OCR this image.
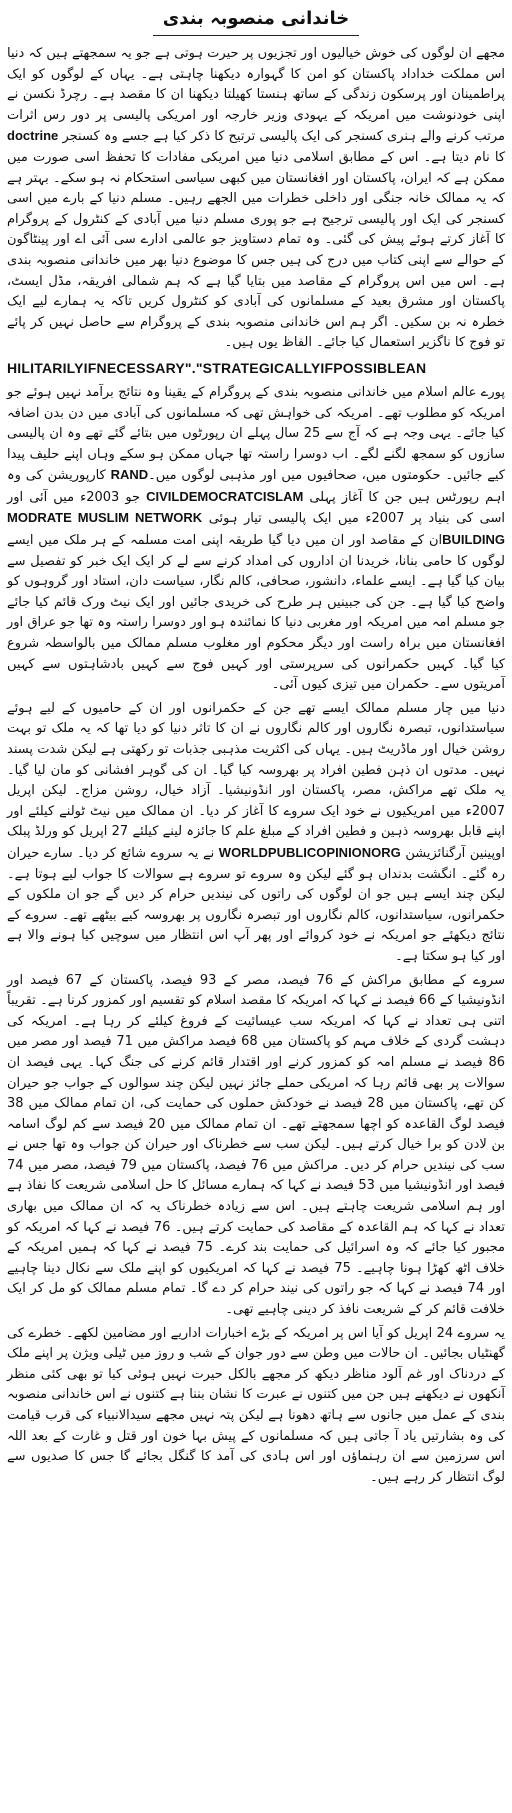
خاندانی منصوبہ بندی

مجھے ان لوگوں کی خوش خیالیوں اور تجزیوں پر حیرت ہوتی ہے جو یہ سمجھتے ہیں کہ دنیا اس مملکت خداداد پاکستان کو امن کا گہوارہ دیکھنا چاہتی ہے۔ یہاں کے لوگوں کو ایک پراطمینان اور پرسکون زندگی کے ساتھ ہنستا کھیلتا دیکھنا ان کا مقصد ہے۔ رچرڈ نکسن نے اپنی خودنوشت میں امریکہ کے یہودی وزیر خارجہ اور امریکی پالیسی پر دور رس اثرات مرتب کرنے والے ہنری کسنجر کی ایک پالیسی ترتیح کا ذکر کیا ہے جسے وہ کسنجر doctrine کا نام دیتا ہے۔ اس کے مطابق اسلامی دنیا میں امریکی مفادات کا تحفظ اسی صورت میں ممکن ہے کہ ایران، پاکستان اور افغانستان میں کبھی سیاسی استحکام نہ ہو سکے۔ بہتر ہے کہ یہ ممالک خانہ جنگی اور داخلی خطرات میں الجھے رہیں۔ مسلم دنیا کے بارے میں اسی کسنجر کی ایک اور پالیسی ترجیح ہے جو پوری مسلم دنیا میں آبادی کے کنٹرول کے پروگرام کا آغاز کرتے ہوئے پیش کی گئی۔ وہ تمام دستاویز جو عالمی ادارے سی آئی اے اور پینٹاگون کے حوالے سے اپنی کتاب میں درج کی ہیں جس کا موضوع دنیا بھر میں خاندانی منصوبہ بندی ہے۔ اس میں اس پروگرام کے مقاصد میں بتایا گیا ہے کہ ہم شمالی افریقہ، مڈل ایسٹ، پاکستان اور مشرق بعید کے مسلمانوں کی آبادی کو کنٹرول کریں تاکہ یہ ہمارے لیے ایک خطرہ نہ بن سکیں۔ اگر ہم اس خاندانی منصوبہ بندی کے پروگرام سے حاصل نہیں کر پائے تو فوج کا ناگزیر استعمال کیا جائے۔ الفاظ یوں ہیں۔

HILITARILYIFNECESSARY"."STRATEGICALLYIFPOSSIBLEAN

پورے عالم اسلام میں خاندانی منصوبہ بندی کے پروگرام کے یقینا وہ نتائج برآمد نہیں ہوئے جو امریکہ کو مطلوب تھے۔ امریکہ کی خواہش تھی کہ مسلمانوں کی آبادی میں دن بدن اضافہ کیا جائے۔ یہی وجہ ہے کہ آج سے 25 سال پہلے ان رپورٹوں میں بتائے گئے تھے وہ ان پالیسی سازوں کو سمجھ لگنے لگے۔ اب دوسرا راستہ تھا جہاں ممکن ہو سکے وہاں اپنے حلیف پیدا کیے جائیں۔ حکومتوں میں، صحافیوں میں اور مذہبی لوگوں میں۔RAND کارپوریشن کی وہ اہم رپورٹس ہیں جن کا آغاز پہلی CIVILDEMOCRATCISLAM جو 2003ء میں آئی اور اسی کی بنیاد پر 2007ء میں ایک پالیسی تیار ہوئی MODRATE MUSLIM NETWORK BUILDINGان کے مقاصد اور ان میں دیا گیا طریقہ اپنی امت مسلمہ کے ہر ملک میں ایسے لوگوں کا حامی بنانا، خریدنا ان اداروں کی امداد کرنے سے لے کر ایک ایک خبر کو تفصیل سے بیان کیا گیا ہے۔ ایسے علماء، دانشور، صحافی، کالم نگار، سیاست دان، استاد اور گروہوں کو واضح کیا گیا ہے۔ جن کی جبینیں ہر طرح کی خریدی جائیں اور ایک نیٹ ورک قائم کیا جائے جو مسلم امہ میں امریکہ اور مغربی دنیا کا نمائندہ ہو اور دوسرا راستہ وہ تھا جو عراق اور افغانستان میں براہ راست اور دیگر محکوم اور مغلوب مسلم ممالک میں بالواسطہ شروع کیا گیا۔ کہیں حکمرانوں کی سرپرستی اور کہیں فوج سے کہیں بادشاہتوں سے کہیں آمریتوں سے۔ حکمران میں تیزی کیوں آئی۔

دنیا میں چار مسلم ممالک ایسے تھے جن کے حکمرانوں اور ان کے حامیوں کے لیے ہوئے سیاستدانوں، تبصرہ نگاروں اور کالم نگاروں نے ان کا تاثر دنیا کو دیا تھا کہ یہ ملک تو بہت روشن خیال اور ماڈریٹ ہیں۔ یہاں کی اکثریت مذہبی جذبات تو رکھتی ہے لیکن شدت پسند نہیں۔ مدتوں ان ذہن فطین افراد پر بھروسہ کیا گیا۔ ان کی گوہر افشانی کو مان لیا گیا۔ یہ ملک تھے مراکش، مصر، پاکستان اور انڈونیشیا۔ آزاد خیال، روشن مزاج۔ لیکن اپریل 2007ء میں امریکیوں نے خود ایک سروے کا آغاز کر دیا۔ ان ممالک میں نیٹ ٹولنے کیلئے اور اپنے قابل بھروسہ ذہین و فطین افراد کے مبلغ علم کا جائزہ لینے کیلئے 27 اپریل کو ورلڈ پبلک اوپینین آرگنائزیشن WORLDPUBLICOPINIONORG نے یہ سروے شائع کر دیا۔ سارے حیران رہ گئے۔ انگشت بدنداں ہو گئے لیکن وہ سروے تو سروے ہے سوالات کا جواب لیے ہوتا ہے۔ لیکن چند ایسے ہیں جو ان لوگوں کی راتوں کی نیندیں حرام کر دیں گے جو ان ملکوں کے حکمرانوں، سیاستدانوں، کالم نگاروں اور تبصرہ نگاروں پر بھروسہ کیے بیٹھے تھے۔ سروے کے نتائج دیکھئے جو امریکہ نے خود کروائے اور پھر آپ اس انتظار میں سوچیں کیا ہونے والا ہے اور کیا ہو سکتا ہے۔

سروے کے مطابق مراکش کے 76 فیصد، مصر کے 93 فیصد، پاکستان کے 67 فیصد اور انڈونیشیا کے 66 فیصد نے کہا کہ امریکہ کا مقصد اسلام کو تقسیم اور کمزور کرنا ہے۔ تقریباً اتنی ہی تعداد نے کہا کہ امریکہ سب عیسائیت کے فروغ کیلئے کر رہا ہے۔ امریکہ کی دہشت گردی کے خلاف مہم کو پاکستان میں 68 فیصد مراکش میں 71 فیصد اور مصر میں 86 فیصد نے مسلم امہ کو کمزور کرنے اور اقتدار قائم کرنے کی جنگ کہا۔ یہی فیصد ان سوالات پر بھی قائم رہا کہ امریکی حملے جائز نہیں لیکن چند سوالوں کے جواب جو حیران کن تھے، پاکستان میں 28 فیصد نے خودکش حملوں کی حمایت کی، ان تمام ممالک میں 38 فیصد لوگ القاعدہ کو اچھا سمجھتے تھے۔ ان تمام ممالک میں 20 فیصد سے کم لوگ اسامہ بن لادن کو برا خیال کرتے ہیں۔ لیکن سب سے خطرناک اور حیران کن جواب وہ تھا جس نے سب کی نیندیں حرام کر دیں۔ مراکش میں 76 فیصد، پاکستان میں 79 فیصد، مصر میں 74 فیصد اور انڈونیشیا میں 53 فیصد نے کہا کہ ہمارے مسائل کا حل اسلامی شریعت کا نفاذ ہے اور ہم اسلامی شریعت چاہتے ہیں۔ اس سے زیادہ خطرناک یہ کہ ان ممالک میں بھاری تعداد نے کہا کہ ہم القاعدہ کے مقاصد کی حمایت کرتے ہیں۔ 76 فیصد نے کہا کہ امریکہ کو مجبور کیا جائے کہ وہ اسرائیل کی حمایت بند کرے۔ 75 فیصد نے کہا کہ ہمیں امریکہ کے خلاف اٹھ کھڑا ہونا چاہیے۔ 75 فیصد نے کہا کہ امریکیوں کو اپنے ملک سے نکال دینا چاہیے اور 74 فیصد نے کہا کہ جو راتوں کی نیند حرام کر دے گا۔ تمام مسلم ممالک کو مل کر ایک خلافت قائم کر کے شریعت نافذ کر دینی چاہیے تھی۔

یہ سروے 24 اپریل کو آیا اس پر امریکہ کے بڑے اخبارات اداریے اور مضامین لکھے۔ خطرے کی گھنٹیاں بجائیں۔ ان حالات میں وطن سے دور جوان کے شب و روز میں ٹیلی ویژن پر اپنے ملک کے دردناک اور غم آلود مناظر دیکھ کر مجھے بالکل حیرت نہیں ہوئی کیا تو بھی کئی منظر آنکھوں نے دیکھنے ہیں جن میں کتنوں نے عبرت کا نشان بننا ہے کتنوں نے اس خاندانی منصوبہ بندی کے عمل میں جانوں سے ہاتھ دھونا ہے لیکن پتہ نہیں مجھے سیدالانبیاء کی قرب قیامت کی وہ بشارتیں یاد آ جاتی ہیں کہ مسلمانوں کے پیش بہا خون اور قتل و غارت کے بعد اللہ اس سرزمین سے ان رہنماؤں اور اس ہادی کی آمد کا گنگل بجائے گا جس کا صدیوں سے لوگ انتظار کر رہے ہیں۔
